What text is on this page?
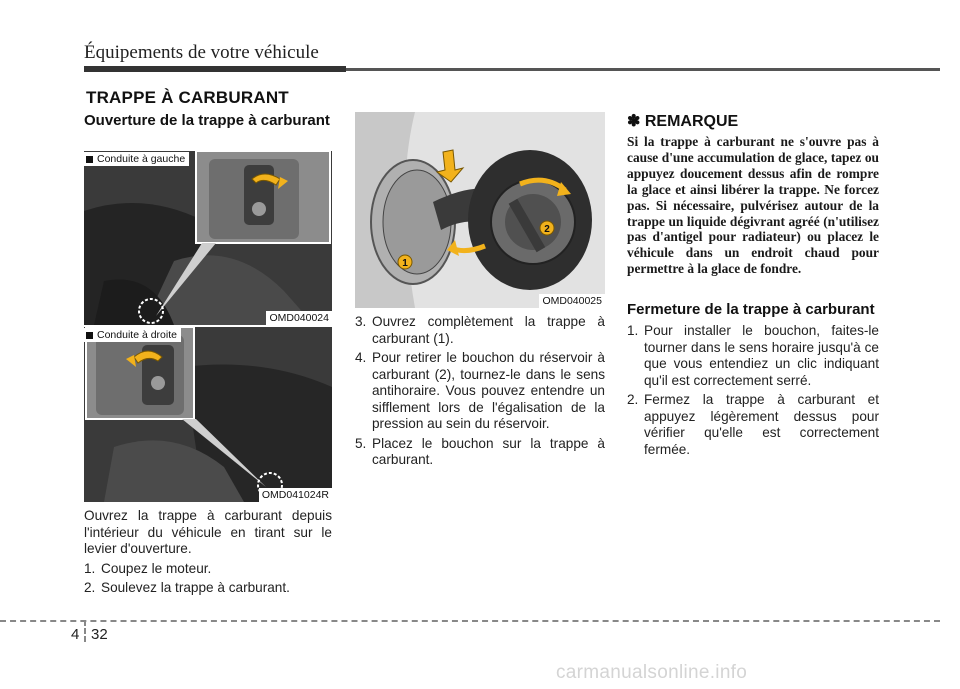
Équipements de votre véhicule
TRAPPE À CARBURANT
Ouverture de la trappe à carburant
Conduite à gauche
OMD040024
Conduite à droite
OMD041024R
Ouvrez la trappe à carburant depuis l'intérieur du véhicule en tirant sur le levier d'ouverture.
1. Coupez le moteur.
2. Soulevez la trappe à carburant.
1
2
OMD040025
3. Ouvrez complètement la trappe à carburant (1).
4. Pour retirer le bouchon du réservoir à carburant (2), tournez-le dans le sens antihoraire. Vous pouvez entendre un sifflement lors de l'égalisation de la pression au sein du réservoir.
5. Placez le bouchon sur la trappe à carburant.
✽ REMARQUE
Si la trappe à carburant ne s'ouvre pas à cause d'une accumulation de glace, tapez ou appuyez doucement dessus afin de rompre la glace et ainsi libérer la trappe. Ne forcez pas. Si nécessaire, pulvérisez autour de la trappe un liquide dégivrant agréé (n'utilisez pas d'antigel pour radiateur) ou placez le véhicule dans un endroit chaud pour permettre à la glace de fondre.
Fermeture de la trappe à carburant
1. Pour installer le bouchon, faites-le tourner dans le sens horaire jusqu'à ce que vous entendiez un clic indiquant qu'il est correctement serré.
2. Fermez la trappe à carburant et appuyez légèrement dessus pour vérifier qu'elle est correctement fermée.
4 32
carmanualsonline.info
